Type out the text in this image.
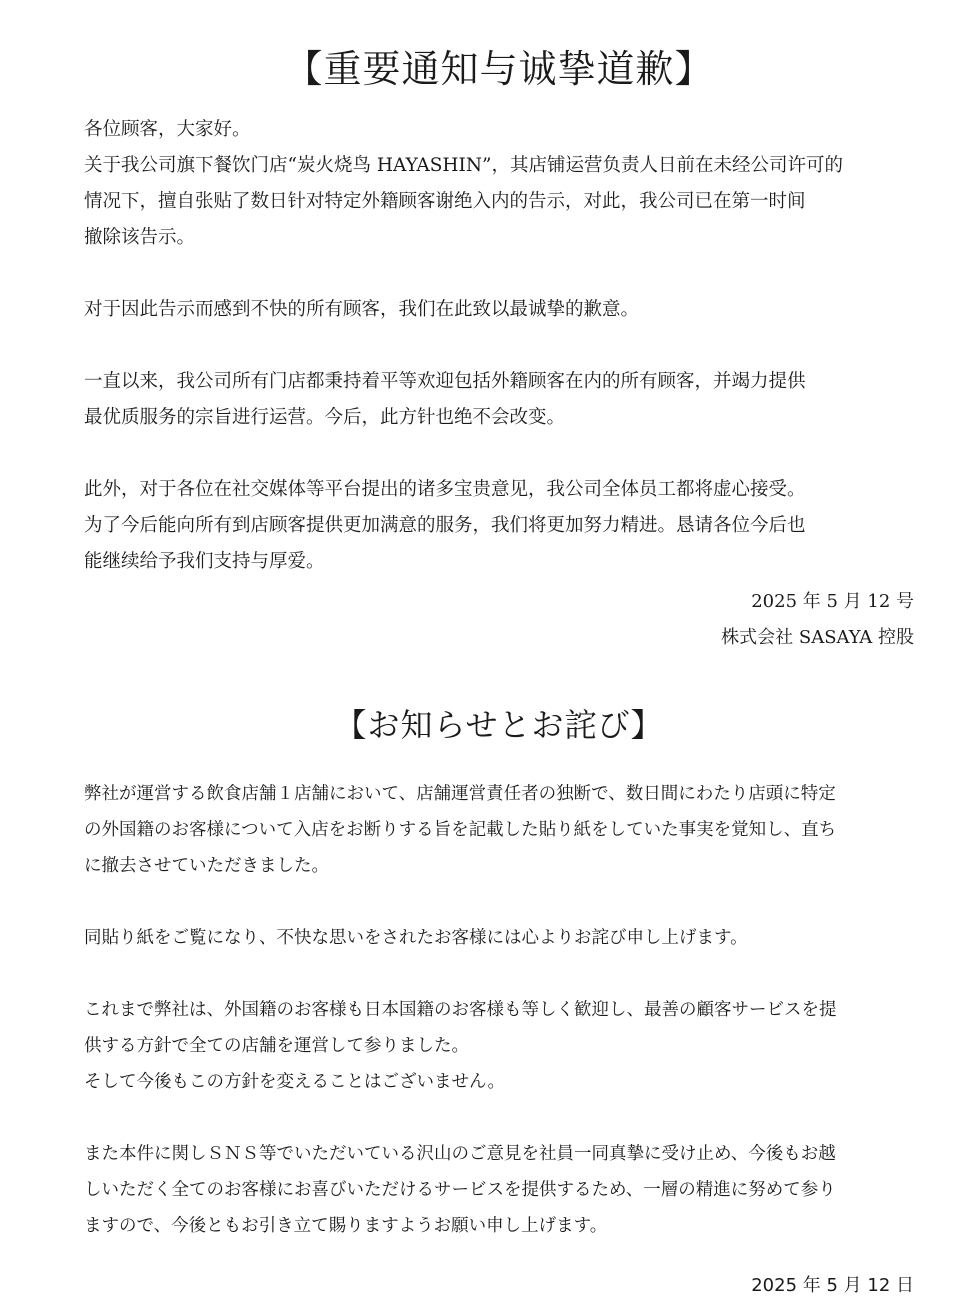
【重要通知与诚挚道歉】

各位顾客，大家好。

关于我公司旗下餐饮门店“炭火烧鸟 HAYASHIN”，其店铺运营负责人日前在未经公司许可的

情况下，擅自张贴了数日针对特定外籍顾客谢绝入内的告示，对此，我公司已在第一时间

撤除该告示。

对于因此告示而感到不快的所有顾客，我们在此致以最诚挚的歉意。

一直以来，我公司所有门店都秉持着平等欢迎包括外籍顾客在内的所有顾客，并竭力提供

最优质服务的宗旨进行运营。今后，此方针也绝不会改变。

此外，对于各位在社交媒体等平台提出的诸多宝贵意见，我公司全体员工都将虚心接受。

为了今后能向所有到店顾客提供更加满意的服务，我们将更加努力精进。恳请各位今后也

能继续给予我们支持与厚爱。

2025 年 5 月 12 号

株式会社 SASAYA 控股

【お知らせとお詫び】

弊社が運営する飲食店舗１店舗において、店舗運営責任者の独断で、数日間にわたり店頭に特定

の外国籍のお客様について入店をお断りする旨を記載した貼り紙をしていた事実を覚知し、直ち

に撤去させていただきました。

同貼り紙をご覧になり、不快な思いをされたお客様には心よりお詫び申し上げます。

これまで弊社は、外国籍のお客様も日本国籍のお客様も等しく歓迎し、最善の顧客サービスを提

供する方針で全ての店舗を運営して参りました。

そして今後もこの方針を変えることはございません。

また本件に関しＳＮＳ等でいただいている沢山のご意見を社員一同真摯に受け止め、今後もお越

しいただく全てのお客様にお喜びいただけるサービスを提供するため、一層の精進に努めて参り

ますので、今後ともお引き立て賜りますようお願い申し上げます。

2025 年 5 月 12 日
